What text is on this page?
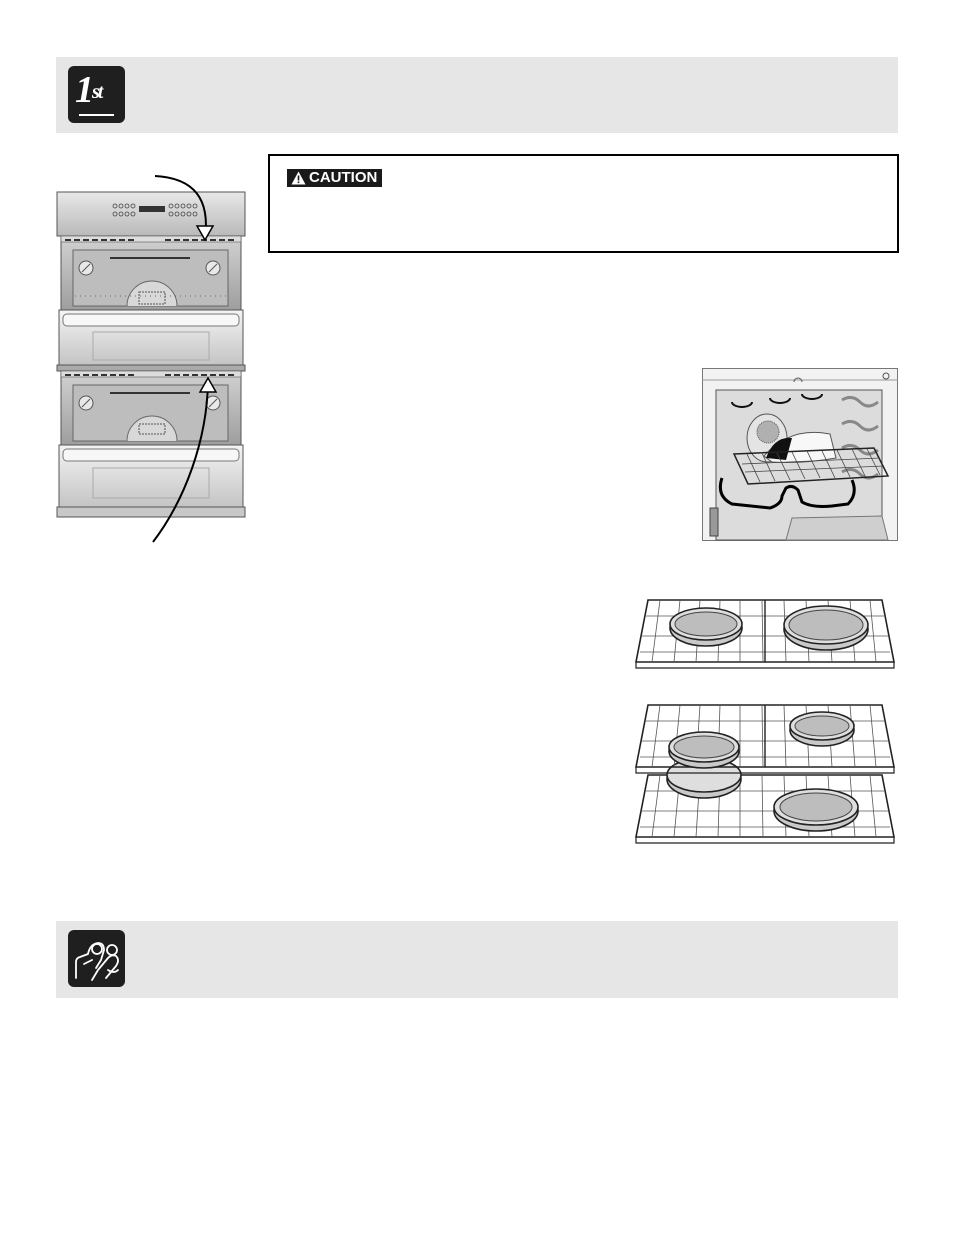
1st
CAUTION
